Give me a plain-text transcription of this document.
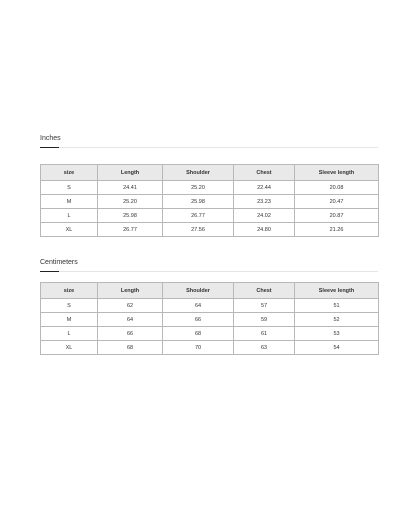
Inches
size	Length	Shoulder	Chest	Sleeve length
S	24.41	25.20	22.44	20.08
M	25.20	25.98	23.23	20.47
L	25.98	26.77	24.02	20.87
XL	26.77	27.56	24.80	21.26
Centimeters
size	Length	Shoulder	Chest	Sleeve length
S	62	64	57	51
M	64	66	59	52
L	66	68	61	53
XL	68	70	63	54
